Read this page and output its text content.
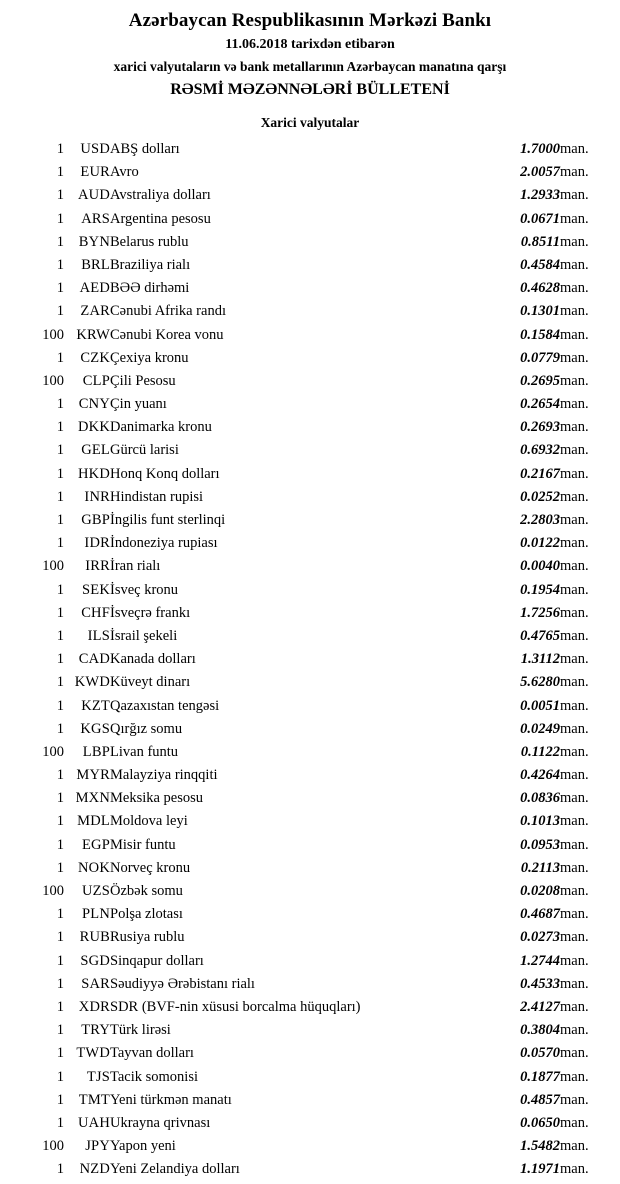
Azərbaycan Respublikasının Mərkəzi Bankı
11.06.2018 tarixdən etibarən
xarici valyutaların və bank metallarının Azərbaycan manatına qarşı
RƏSMİ MƏZƏNNƏLƏRİ BÜLLETENİ
Xarici valyutalar
1	USD	ABŞ dolları	1.7000	man.
1	EUR	Avro	2.0057	man.
1	AUD	Avstraliya dolları	1.2933	man.
1	ARS	Argentina pesosu	0.0671	man.
1	BYN	Belarus rublu	0.8511	man.
1	BRL	Braziliya rialı	0.4584	man.
1	AED	BƏƏ dirhəmi	0.4628	man.
1	ZAR	Cənubi Afrika randı	0.1301	man.
100	KRW	Cənubi Korea vonu	0.1584	man.
1	CZK	Çexiya kronu	0.0779	man.
100	CLP	Çili Pesosu	0.2695	man.
1	CNY	Çin yuanı	0.2654	man.
1	DKK	Danimarka kronu	0.2693	man.
1	GEL	Gürcü larisi	0.6932	man.
1	HKD	Honq Konq dolları	0.2167	man.
1	INR	Hindistan rupisi	0.0252	man.
1	GBP	İngilis funt sterlinqi	2.2803	man.
1	IDR	İndoneziya rupiası	0.0122	man.
100	IRR	İran rialı	0.0040	man.
1	SEK	İsveç kronu	0.1954	man.
1	CHF	İsveçrə frankı	1.7256	man.
1	ILS	İsrail şekeli	0.4765	man.
1	CAD	Kanada dolları	1.3112	man.
1	KWD	Küveyt dinarı	5.6280	man.
1	KZT	Qazaxıstan tengəsi	0.0051	man.
1	KGS	Qırğız somu	0.0249	man.
100	LBP	Livan funtu	0.1122	man.
1	MYR	Malayziya rinqqiti	0.4264	man.
1	MXN	Meksika pesosu	0.0836	man.
1	MDL	Moldova leyi	0.1013	man.
1	EGP	Misir funtu	0.0953	man.
1	NOK	Norveç kronu	0.2113	man.
100	UZS	Özbək somu	0.0208	man.
1	PLN	Polşa zlotası	0.4687	man.
1	RUB	Rusiya rublu	0.0273	man.
1	SGD	Sinqapur dolları	1.2744	man.
1	SAR	Səudiyyə Ərəbistanı rialı	0.4533	man.
1	XDR	SDR (BVF-nin xüsusi borcalma hüquqları)	2.4127	man.
1	TRY	Türk lirəsi	0.3804	man.
1	TWD	Tayvan dolları	0.0570	man.
1	TJS	Tacik somonisi	0.1877	man.
1	TMT	Yeni türkmən manatı	0.4857	man.
1	UAH	Ukrayna qrivnası	0.0650	man.
100	JPY	Yapon yeni	1.5482	man.
1	NZD	Yeni Zelandiya dolları	1.1971	man.
